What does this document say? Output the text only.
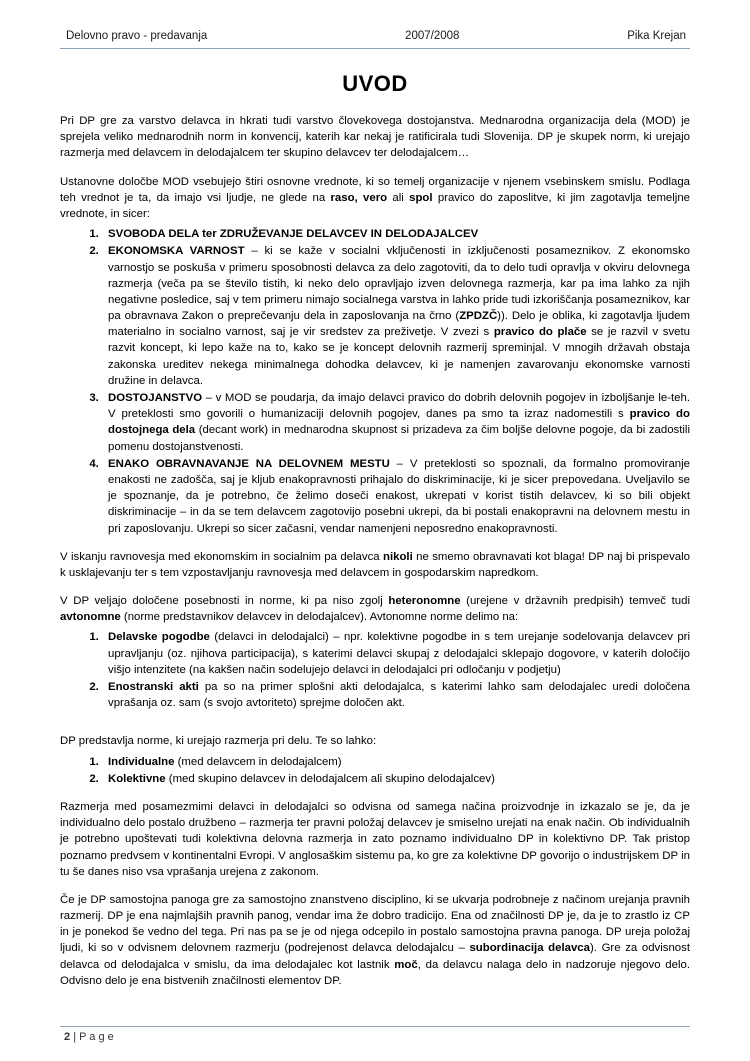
Delovno pravo - predavanja	2007/2008	Pika Krejan
UVOD

Pri DP gre za varstvo delavca in hkrati tudi varstvo človekovega dostojanstva. Mednarodna organizacija dela (MOD) je sprejela veliko mednarodnih norm in konvencij, katerih kar nekaj je ratificirala tudi Slovenija. DP je skupek norm, ki urejajo razmerja med delavcem in delodajalcem ter skupino delavcev ter delodajalcem…

Ustanovne določbe MOD vsebujejo štiri osnovne vrednote, ki so temelj organizacije v njenem vsebinskem smislu. Podlaga teh vrednot je ta, da imajo vsi ljudje, ne glede na raso, vero ali spol pravico do zaposlitve, ki jim zagotavlja temeljne vrednote, in sicer:

1. SVOBODA DELA ter ZDRUŽEVANJE DELAVCEV IN DELODAJALCEV
2. EKONOMSKA VARNOST – ki se kaže v socialni vključenosti in izključenosti posameznikov. Z ekonomsko varnostjo se poskuša v primeru sposobnosti delavca za delo zagotoviti, da to delo tudi opravlja v okviru delovnega razmerja (veča pa se število tistih, ki neko delo opravljajo izven delovnega razmerja, kar pa ima lahko za njih negativne posledice, saj v tem primeru nimajo socialnega varstva in lahko pride tudi izkoriščanja posameznikov, kar pa obravnava Zakon o preprečevanju dela in zaposlovanja na črno (ZPDZČ)). Delo je oblika, ki zagotavlja ljudem materialno in socialno varnost, saj je vir sredstev za preživetje. V zvezi s pravico do plače se je razvil v svetu razvit koncept, ki lepo kaže na to, kako se je koncept delovnih razmerij spreminjal. V mnogih državah obstaja zakonska ureditev nekega minimalnega dohodka delavcev, ki je namenjen zavarovanju ekonomske varnosti družine in delavca.
3. DOSTOJANSTVO – v MOD se poudarja, da imajo delavci pravico do dobrih delovnih pogojev in izboljšanje le-teh. V preteklosti smo govorili o humanizaciji delovnih pogojev, danes pa smo ta izraz nadomestili s pravico do dostojnega dela (decant work) in mednarodna skupnost si prizadeva za čim boljše delovne pogoje, da bi zadostili pomenu dostojanstvenosti.
4. ENAKO OBRAVNAVANJE NA DELOVNEM MESTU – V preteklosti so spoznali, da formalno promoviranje enakosti ne zadošča, saj je kljub enakopravnosti prihajalo do diskriminacije, ki je sicer prepovedana. Uveljavilo se je spoznanje, da je potrebno, če želimo doseči enakost, ukrepati v korist tistih delavcev, ki so bili objekt diskriminacije – in da se tem delavcem zagotovijo posebni ukrepi, da bi postali enakopravni na delovnem mestu in pri zaposlovanju. Ukrepi so sicer začasni, vendar namenjeni neposredno enakopravnosti.

V iskanju ravnovesja med ekonomskim in socialnim pa delavca nikoli ne smemo obravnavati kot blaga! DP naj bi prispevalo k usklajevanju ter s tem vzpostavljanju ravnovesja med delavcem in gospodarskim napredkom.

V DP veljajo določene posebnosti in norme, ki pa niso zgolj heteronomne (urejene v državnih predpisih) temveč tudi avtonomne (norme predstavnikov delavcev in delodajalcev). Avtonomne norme delimo na:

1. Delavske pogodbe (delavci in delodajalci) – npr. kolektivne pogodbe in s tem urejanje sodelovanja delavcev pri upravljanju (oz. njihova participacija), s katerimi delavci skupaj z delodajalci sklepajo dogovore, v katerih določijo višjo intenzitete (na kakšen način sodelujejo delavci in delodajalci pri odločanju v podjetju)
2. Enostranski akti pa so na primer splošni akti delodajalca, s katerimi lahko sam delodajalec uredi določena vprašanja oz. sam (s svojo avtoriteto) sprejme določen akt.

DP predstavlja norme, ki urejajo razmerja pri delu. Te so lahko:

1. Individualne (med delavcem in delodajalcem)
2. Kolektivne (med skupino delavcev in delodajalcem ali skupino delodajalcev)

Razmerja med posamezmimi delavci in delodajalci so odvisna od samega načina proizvodnje in izkazalo se je, da je individualno delo postalo družbeno – razmerja ter pravni položaj delavcev je smiselno urejati na enak način. Ob individualnih je potrebno upoštevati tudi kolektivna delovna razmerja in zato poznamo individualno DP in kolektivno DP. Tak pristop poznamo predvsem v kontinentalni Evropi. V anglosaškim sistemu pa, ko gre za kolektivne DP govorijo o industrijskem DP in tu še danes niso vsa vprašanja urejena z zakonom.

Če je DP samostojna panoga gre za samostojno znanstveno disciplino, ki se ukvarja podrobneje z načinom urejanja pravnih razmerij. DP je ena najmlajših pravnih panog, vendar ima že dobro tradicijo. Ena od značilnosti DP je, da je to zrastlo iz CP in je ponekod še vedno del tega. Pri nas pa se je od njega odcepilo in postalo samostojna pravna panoga. DP ureja položaj ljudi, ki so v odvisnem delovnem razmerju (podrejenost delavca delodajalcu – subordinacija delavca). Gre za odvisnost delavca od delodajalca v smislu, da ima delodajalec kot lastnik moč, da delavcu nalaga delo in nadzoruje njegovo delo. Odvisno delo je ena bistvenih značilnosti elementov DP.

2 | P a g e
